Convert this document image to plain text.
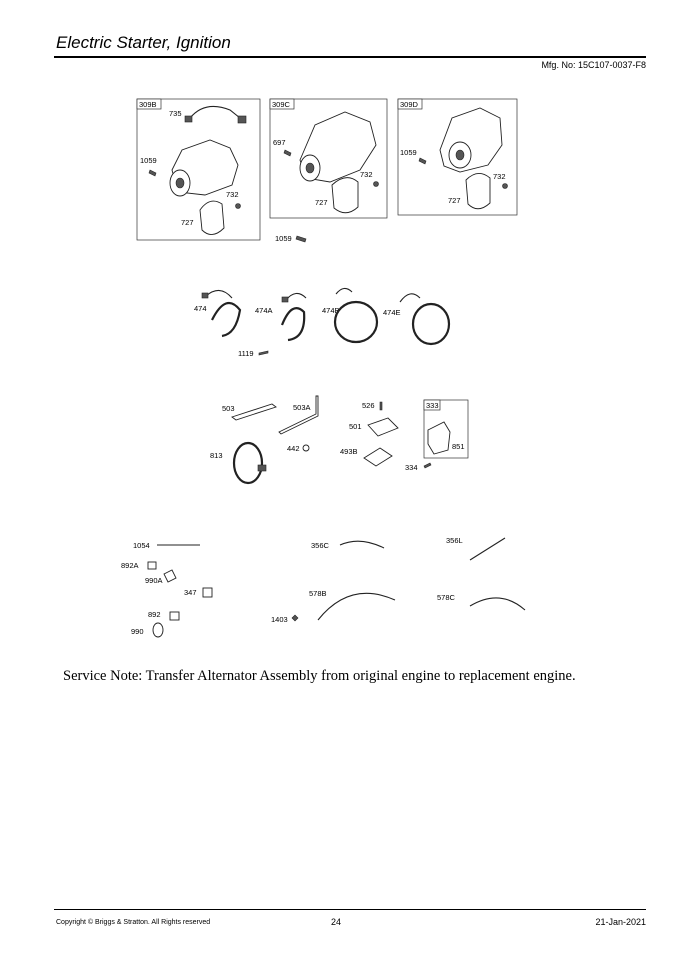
Electric Starter, Ignition
Mfg. No: 15C107-0037-F8
309B
735
1059
732
727
309C
697
732
727
1059
309D
1059
732
727
474	474A	474B	474E
1119
503	503A
813
442
526
501
493B
334
333
851
1054
892A
990A
347
892
990
356C
356L
578B	578C
1403
Service Note: Transfer Alternator Assembly from original engine to replacement engine.
Copyright © Briggs & Stratton. All Rights reserved	24	21-Jan-2021
